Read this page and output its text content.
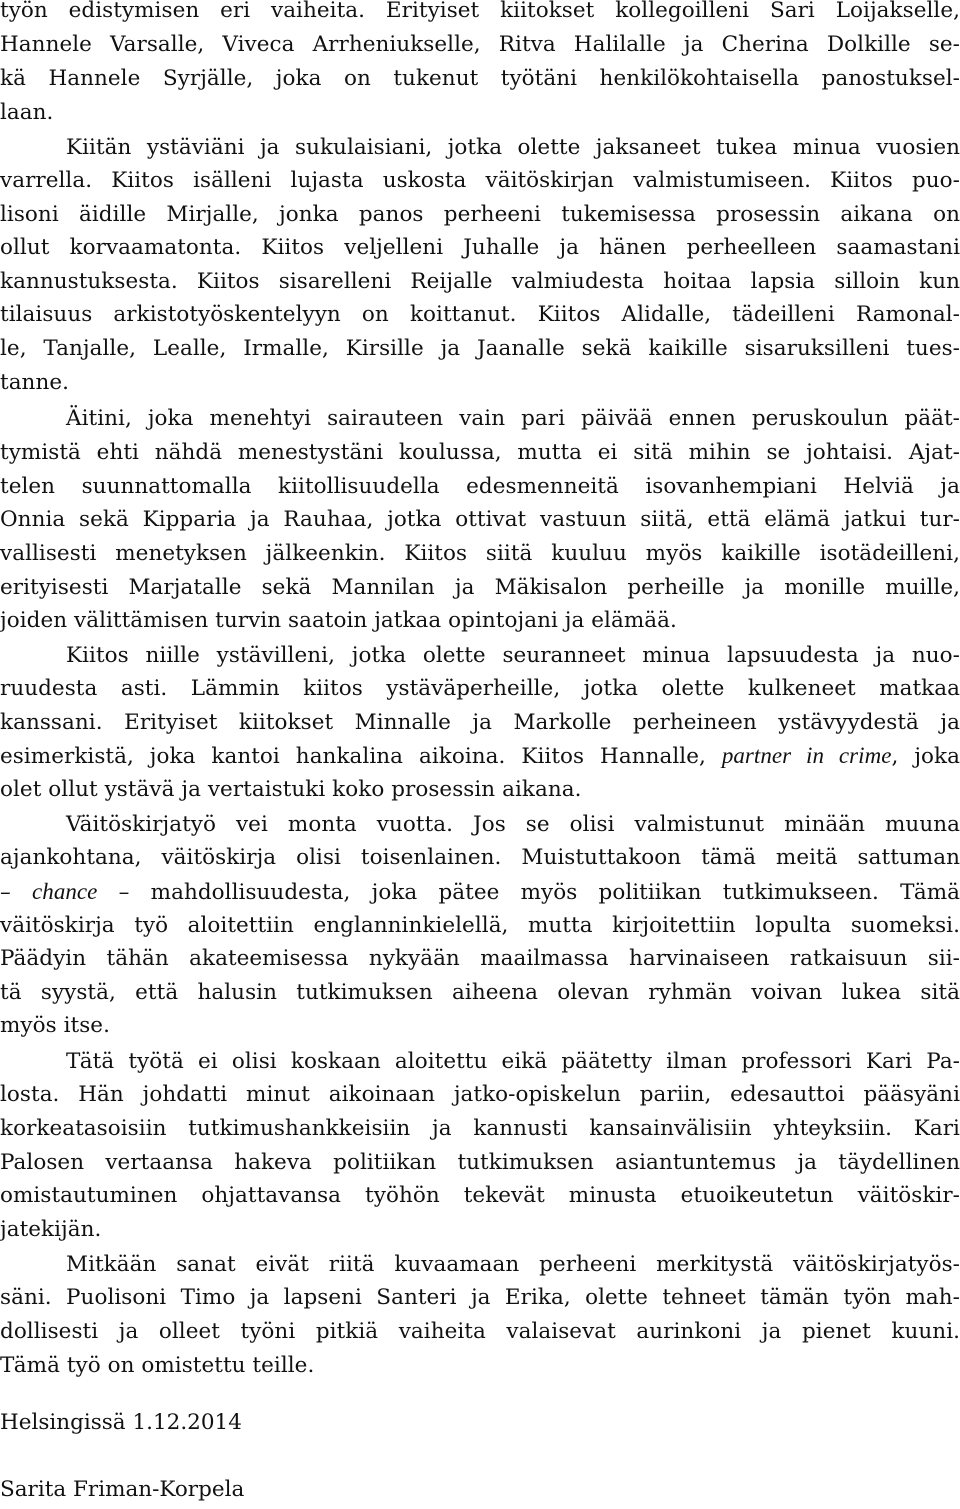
työn edistymisen eri vaiheita. Erityiset kiitokset kollegoilleni Sari Loijakselle,
Hannele Varsalle, Viveca Arrheniukselle, Ritva Halilalle ja Cherina Dolkille se-
kä Hannele Syrjälle, joka on tukenut työtäni henkilökohtaisella panostuksel-
laan.
Kiitän ystäviäni ja sukulaisiani, jotka olette jaksaneet tukea minua vuosien
varrella. Kiitos isälleni lujasta uskosta väitöskirjan valmistumiseen. Kiitos puo-
lisoni äidille Mirjalle, jonka panos perheeni tukemisessa prosessin aikana on
ollut korvaamatonta. Kiitos veljelleni Juhalle ja hänen perheelleen saamastani
kannustuksesta. Kiitos sisarelleni Reijalle valmiudesta hoitaa lapsia silloin kun
tilaisuus arkistotyöskentelyyn on koittanut. Kiitos Alidalle, tädeilleni Ramonal-
le, Tanjalle, Lealle, Irmalle, Kirsille ja Jaanalle sekä kaikille sisaruksilleni tues-
tanne.
Äitini, joka menehtyi sairauteen vain pari päivää ennen peruskoulun päät-
tymistä ehti nähdä menestystäni koulussa, mutta ei sitä mihin se johtaisi. Ajat-
telen suunnattomalla kiitollisuudella edesmenneitä isovanhempiani Helviä ja
Onnia sekä Kipparia ja Rauhaa, jotka ottivat vastuun siitä, että elämä jatkui tur-
vallisesti menetyksen jälkeenkin. Kiitos siitä kuuluu myös kaikille isotädeilleni,
erityisesti Marjatalle sekä Mannilan ja Mäkisalon perheille ja monille muille,
joiden välittämisen turvin saatoin jatkaa opintojani ja elämää.
Kiitos niille ystävilleni, jotka olette seuranneet minua lapsuudesta ja nuo-
ruudesta asti. Lämmin kiitos ystäväperheille, jotka olette kulkeneet matkaa
kanssani. Erityiset kiitokset Minnalle ja Markolle perheineen ystävyydestä ja
esimerkistä, joka kantoi hankalina aikoina. Kiitos Hannalle, partner in crime, joka
olet ollut ystävä ja vertaistuki koko prosessin aikana.
Väitöskirjatyö vei monta vuotta. Jos se olisi valmistunut minään muuna
ajankohtana, väitöskirja olisi toisenlainen. Muistuttakoon tämä meitä sattuman
– chance – mahdollisuudesta, joka pätee myös politiikan tutkimukseen. Tämä
väitöskirja työ aloitettiin englanninkielellä, mutta kirjoitettiin lopulta suomeksi.
Päädyin tähän akateemisessa nykyään maailmassa harvinaiseen ratkaisuun sii-
tä syystä, että halusin tutkimuksen aiheena olevan ryhmän voivan lukea sitä
myös itse.
Tätä työtä ei olisi koskaan aloitettu eikä päätetty ilman professori Kari Pa-
losta. Hän johdatti minut aikoinaan jatko-opiskelun pariin, edesauttoi pääsyäni
korkeatasoisiin tutkimushankkeisiin ja kannusti kansainvälisiin yhteyksiin. Kari
Palosen vertaansa hakeva politiikan tutkimuksen asiantuntemus ja täydellinen
omistautuminen ohjattavansa työhön tekevät minusta etuoikeutetun väitöskir-
jatekijän.
Mitkään sanat eivät riitä kuvaamaan perheeni merkitystä väitöskirjatyös-
säni. Puolisoni Timo ja lapseni Santeri ja Erika, olette tehneet tämän työn mah-
dollisesti ja olleet työni pitkiä vaiheita valaisevat aurinkoni ja pienet kuuni.
Tämä työ on omistettu teille.
Helsingissä 1.12.2014
Sarita Friman-Korpela
